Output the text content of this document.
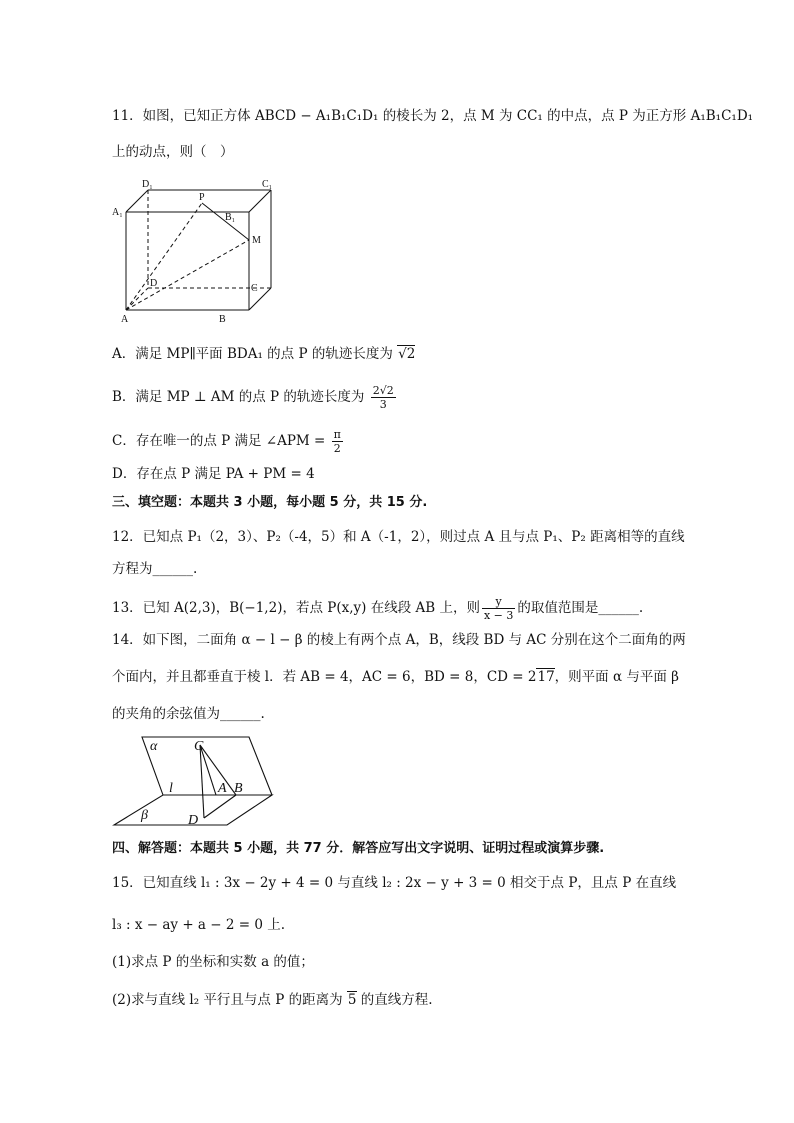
11．如图，已知正方体 ABCD − A₁B₁C₁D₁ 的棱长为 2，点 M 为 CC₁ 的中点，点 P 为正方形 A₁B₁C₁D₁
上的动点，则（　）
D₁	C₁
A₁	B₁
P
M
D	C
A	B
A．满足 MP∥平面 BDA₁ 的点 P 的轨迹长度为 √2
B．满足 MP ⊥ AM 的点 P 的轨迹长度为 $\frac{2√2}{3}$
C．存在唯一的点 P 满足 ∠APM = $\frac{\pi}{2}$
D．存在点 P 满足 PA + PM = 4
三、填空题：本题共 3 小题，每小题 5 分，共 15 分.
12．已知点 P₁（2，3）、P₂（-4，5）和 A（-1，2），则过点 A 且与点 P₁、P₂ 距离相等的直线
方程为______.
13．已知 A(2,3)，B(−1,2)，若点 P(x,y) 在线段 AB 上，则 $\frac{y}{x - 3}$ 的取值范围是______.
14．如下图，二面角 α − l − β 的棱上有两个点 A，B，线段 BD 与 AC 分别在这个二面角的两
个面内，并且都垂直于棱 l．若 AB = 4，AC = 6，BD = 8，CD = 217，则平面 α 与平面 β
的夹角的余弦值为______.
α	C
l	A B
β	D
四、解答题：本题共 5 小题，共 77 分．解答应写出文字说明、证明过程或演算步骤.
15．已知直线 l₁ : 3x − 2y + 4 = 0 与直线 l₂ : 2x − y + 3 = 0 相交于点 P，且点 P 在直线
l₃ : x − ay + a − 2 = 0 上.
(1)求点 P 的坐标和实数 a 的值；
(2)求与直线 l₂ 平行且与点 P 的距离为 5 的直线方程.
